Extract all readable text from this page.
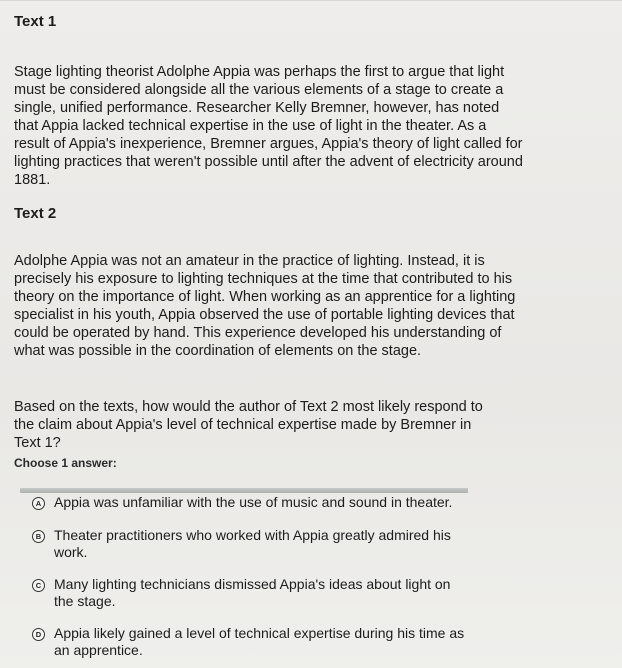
Text 1
Stage lighting theorist Adolphe Appia was perhaps the first to argue that light must be considered alongside all the various elements of a stage to create a single, unified performance. Researcher Kelly Bremner, however, has noted that Appia lacked technical expertise in the use of light in the theater. As a result of Appia's inexperience, Bremner argues, Appia's theory of light called for lighting practices that weren't possible until after the advent of electricity around 1881.
Text 2
Adolphe Appia was not an amateur in the practice of lighting. Instead, it is precisely his exposure to lighting techniques at the time that contributed to his theory on the importance of light. When working as an apprentice for a lighting specialist in his youth, Appia observed the use of portable lighting devices that could be operated by hand. This experience developed his understanding of what was possible in the coordination of elements on the stage.
Based on the texts, how would the author of Text 2 most likely respond to the claim about Appia's level of technical expertise made by Bremner in Text 1?
Choose 1 answer:
A Appia was unfamiliar with the use of music and sound in theater.
B Theater practitioners who worked with Appia greatly admired his work.
C Many lighting technicians dismissed Appia's ideas about light on the stage.
D Appia likely gained a level of technical expertise during his time as an apprentice.
